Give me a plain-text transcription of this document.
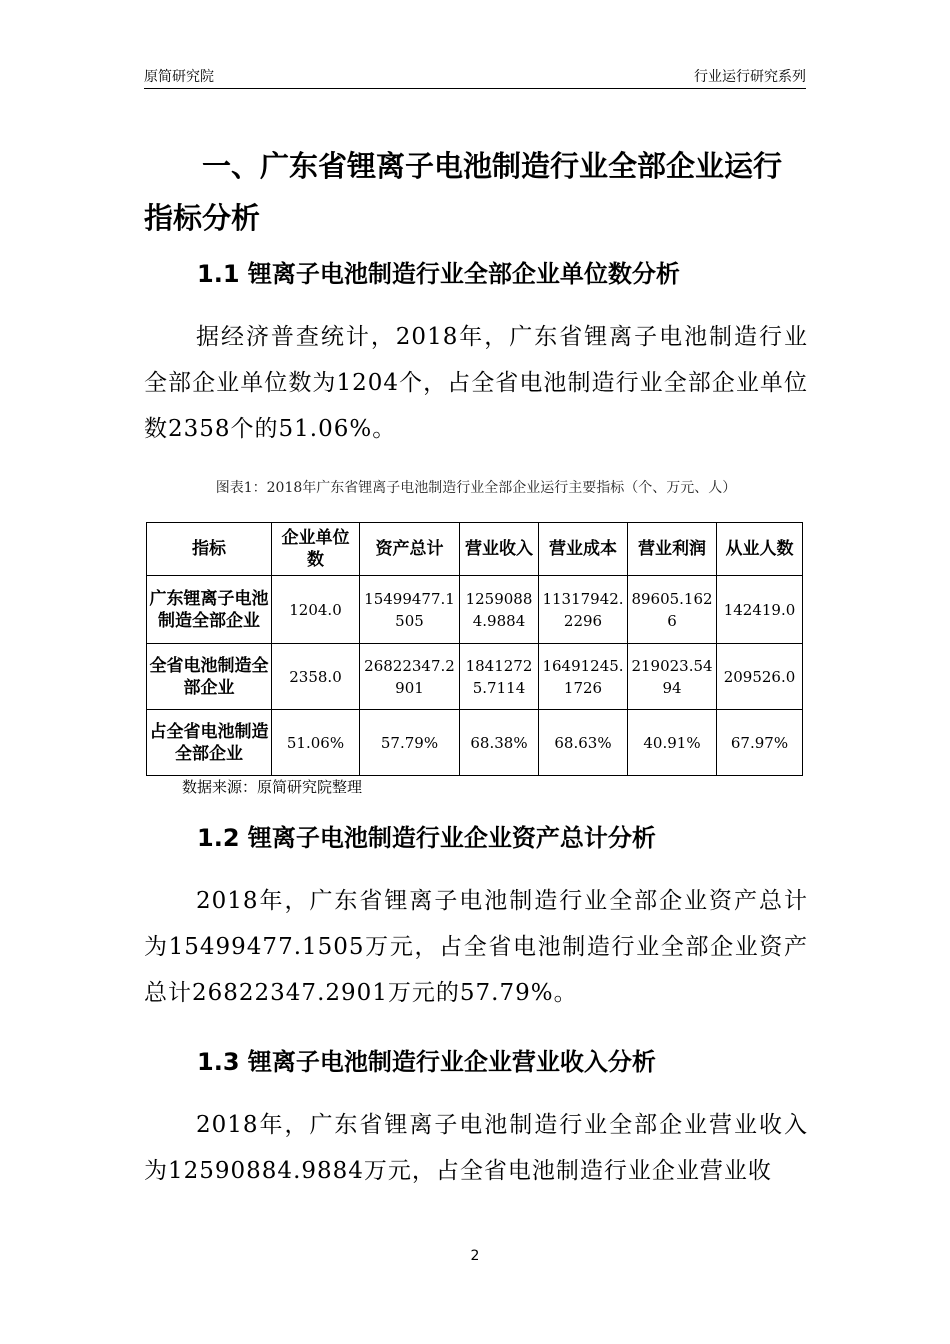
原简研究院	行业运行研究系列
一、广东省锂离子电池制造行业全部企业运行指标分析
1.1 锂离子电池制造行业全部企业单位数分析
据经济普查统计，2018年，广东省锂离子电池制造行业全部企业单位数为1204个，占全省电池制造行业全部企业单位数2358个的51.06%。
图表1：2018年广东省锂离子电池制造行业全部企业运行主要指标（个、万元、人）
指标	企业单位数	资产总计	营业收入	营业成本	营业利润	从业人数
广东锂离子电池制造全部企业	1204.0	15499477.1505	12590884.9884	11317942.2296	89605.1626	142419.0
全省电池制造全部企业	2358.0	26822347.2901	18412725.7114	16491245.1726	219023.5494	209526.0
占全省电池制造全部企业	51.06%	57.79%	68.38%	68.63%	40.91%	67.97%
数据来源：原简研究院整理
1.2 锂离子电池制造行业企业资产总计分析
2018年，广东省锂离子电池制造行业全部企业资产总计为15499477.1505万元，占全省电池制造行业全部企业资产总计26822347.2901万元的57.79%。
1.3 锂离子电池制造行业企业营业收入分析
2018年，广东省锂离子电池制造行业全部企业营业收入为12590884.9884万元，占全省电池制造行业企业营业收
2
